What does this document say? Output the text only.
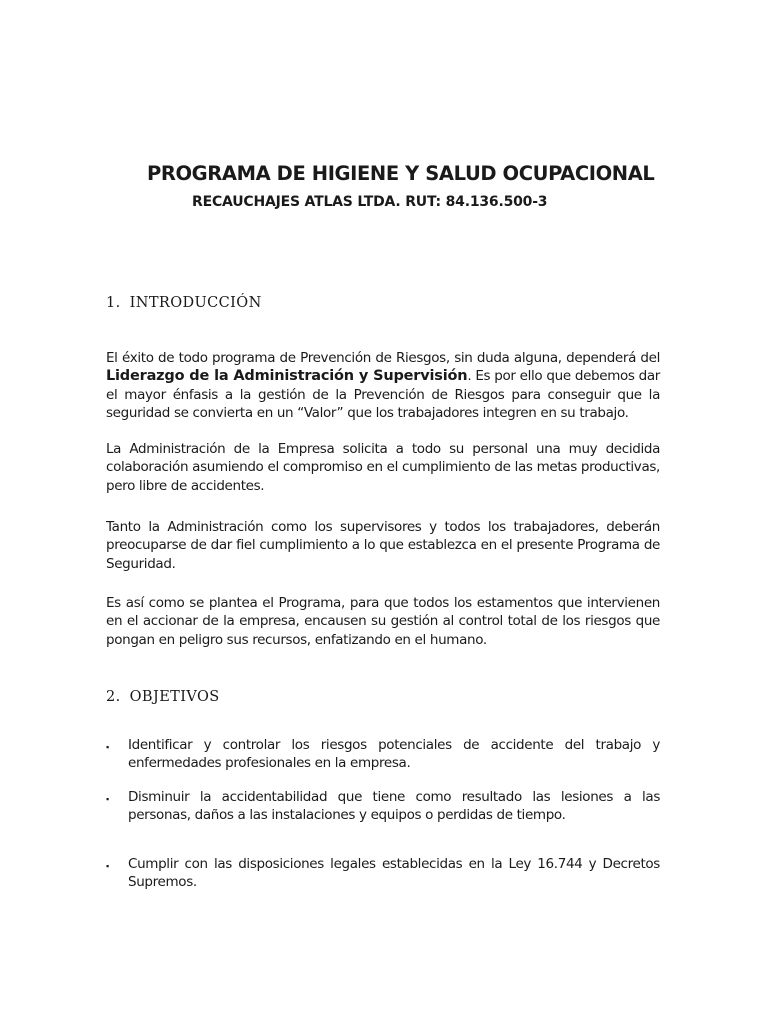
PROGRAMA DE HIGIENE Y SALUD OCUPACIONAL
RECAUCHAJES ATLAS LTDA. RUT: 84.136.500-3
1. INTRODUCCIÓN

El éxito de todo programa de Prevención de Riesgos, sin duda alguna, dependerá del Liderazgo de la Administración y Supervisión. Es por ello que debemos dar el mayor énfasis a la gestión de la Prevención de Riesgos para conseguir que la seguridad se convierta en un “Valor” que los trabajadores integren en su trabajo.

La Administración de la Empresa solicita a todo su personal una muy decidida colaboración asumiendo el compromiso en el cumplimiento de las metas productivas, pero libre de accidentes.

Tanto la Administración como los supervisores y todos los trabajadores, deberán preocuparse de dar fiel cumplimiento a lo que establezca en el presente Programa de Seguridad.

Es así como se plantea el Programa, para que todos los estamentos que intervienen en el accionar de la empresa, encausen su gestión al control total de los riesgos que pongan en peligro sus recursos, enfatizando en el humano.

2. OBJETIVOS
▪ Identificar y controlar los riesgos potenciales de accidente del trabajo y enfermedades profesionales en la empresa.

▪ Disminuir la accidentabilidad que tiene como resultado las lesiones a las personas, daños a las instalaciones y equipos o perdidas de tiempo.

▪ Cumplir con las disposiciones legales establecidas en la Ley 16.744 y Decretos Supremos.
